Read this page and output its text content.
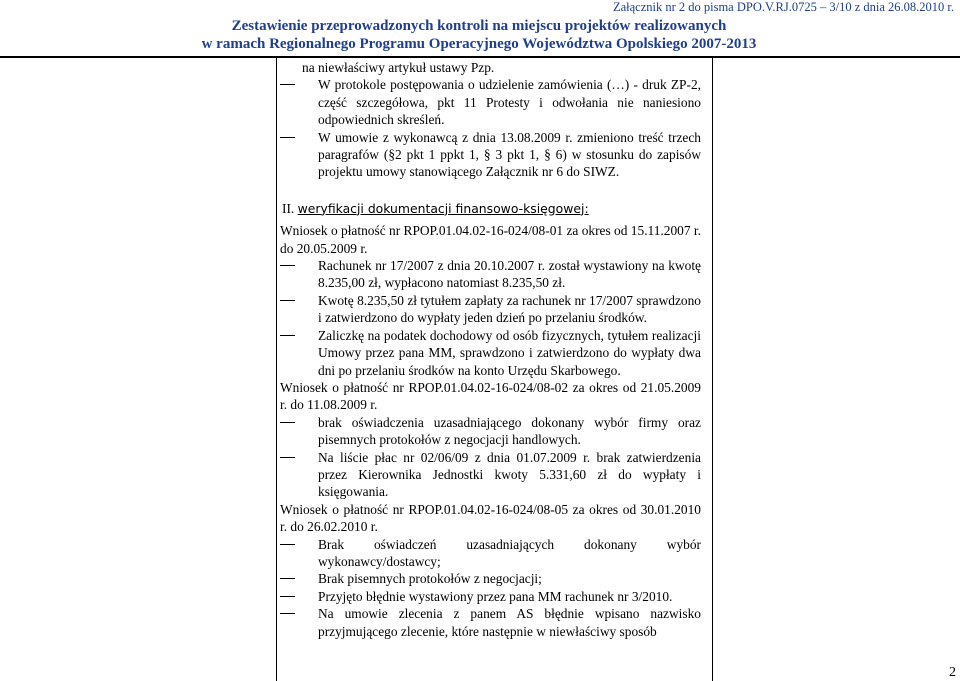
Załącznik nr 2 do pisma DPO.V.RJ.0725 – 3/10 z dnia 26.08.2010 r.
Zestawienie przeprowadzonych kontroli na miejscu projektów realizowanych
w ramach Regionalnego Programu Operacyjnego Województwa Opolskiego 2007-2013

na niewłaściwy artykuł ustawy Pzp.

W protokole postępowania o udzielenie zamówienia (…) - druk ZP-2, część szczegółowa, pkt 11 Protesty i odwołania nie naniesiono odpowiednich skreśleń.

W umowie z wykonawcą z dnia 13.08.2009 r. zmieniono treść trzech paragrafów (§2 pkt 1 ppkt 1, § 3 pkt 1, § 6) w stosunku do zapisów projektu umowy stanowiącego Załącznik nr 6 do SIWZ.

II. weryfikacji dokumentacji finansowo-księgowej:

Wniosek o płatność nr RPOP.01.04.02-16-024/08-01 za okres od 15.11.2007 r. do 20.05.2009 r.

Rachunek nr 17/2007 z dnia 20.10.2007 r. został wystawiony na kwotę 8.235,00 zł, wypłacono natomiast 8.235,50 zł.

Kwotę 8.235,50 zł tytułem zapłaty za rachunek nr 17/2007 sprawdzono i zatwierdzono do wypłaty jeden dzień po przelaniu środków.

Zaliczkę na podatek dochodowy od osób fizycznych, tytułem realizacji Umowy przez pana MM, sprawdzono i zatwierdzono do wypłaty dwa dni po przelaniu środków na konto Urzędu Skarbowego.

Wniosek o płatność nr RPOP.01.04.02-16-024/08-02 za okres od 21.05.2009 r. do 11.08.2009 r.

brak oświadczenia uzasadniającego dokonany wybór firmy oraz pisemnych protokołów z negocjacji handlowych.

Na liście płac nr 02/06/09 z dnia 01.07.2009 r. brak zatwierdzenia przez Kierownika Jednostki kwoty 5.331,60 zł do wypłaty i księgowania.

Wniosek o płatność nr RPOP.01.04.02-16-024/08-05 za okres od 30.01.2010 r. do 26.02.2010 r.

Brak oświadczeń uzasadniających dokonany wybór wykonawcy/dostawcy;

Brak pisemnych protokołów z negocjacji;

Przyjęto błędnie wystawiony przez pana MM rachunek nr 3/2010.

Na umowie zlecenia z panem AS błędnie wpisano nazwisko przyjmującego zlecenie, które następnie w niewłaściwy sposób

2
